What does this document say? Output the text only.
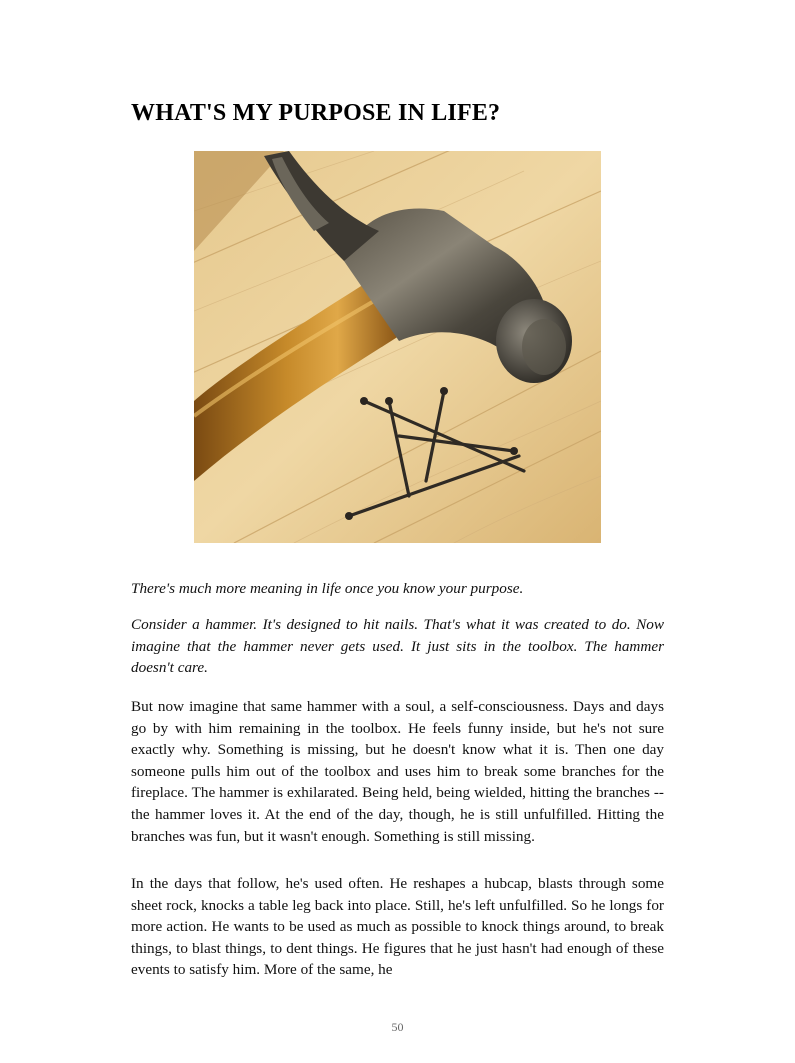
WHAT'S MY PURPOSE IN LIFE?

There's much more meaning in life once you know your purpose.

Consider a hammer. It's designed to hit nails. That's what it was created to do. Now imagine that the hammer never gets used. It just sits in the toolbox. The hammer doesn't care.

But now imagine that same hammer with a soul, a self-consciousness. Days and days go by with him remaining in the toolbox. He feels funny inside, but he's not sure exactly why. Something is missing, but he doesn't know what it is. Then one day someone pulls him out of the toolbox and uses him to break some branches for the fireplace. The hammer is exhilarated. Being held, being wielded, hitting the branches -- the hammer loves it. At the end of the day, though, he is still unfulfilled. Hitting the branches was fun, but it wasn't enough. Something is still missing.

In the days that follow, he's used often. He reshapes a hubcap, blasts through some sheet rock, knocks a table leg back into place. Still, he's left unfulfilled. So he longs for more action. He wants to be used as much as possible to knock things around, to break things, to blast things, to dent things. He figures that he just hasn't had enough of these events to satisfy him. More of the same, he

50
